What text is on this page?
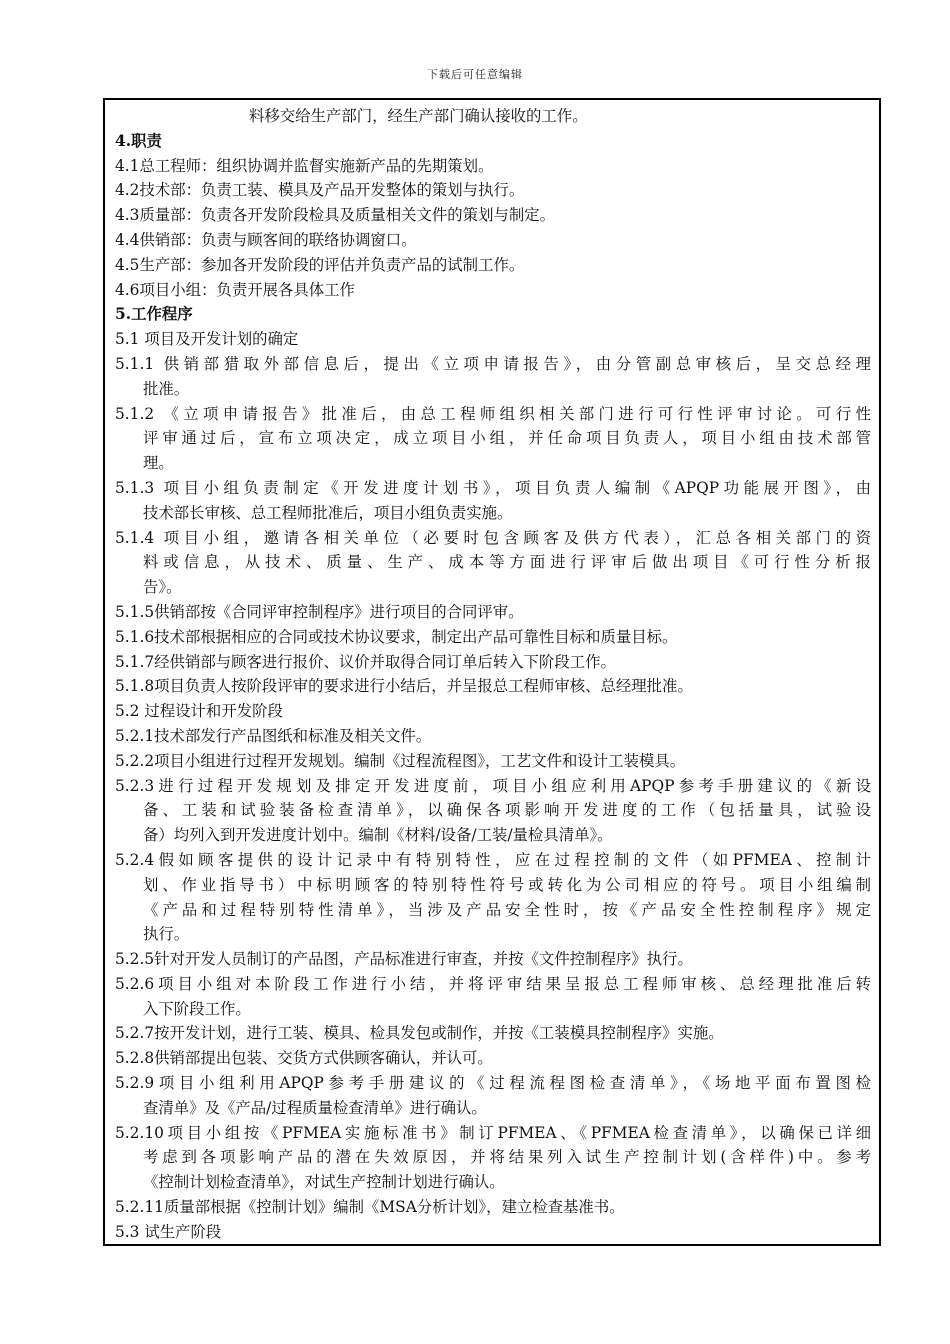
下载后可任意编辑
料移交给生产部门，经生产部门确认接收的工作。
4.职责
4.1总工程师：组织协调并监督实施新产品的先期策划。
4.2技术部：负责工装、模具及产品开发整体的策划与执行。
4.3质量部：负责各开发阶段检具及质量相关文件的策划与制定。
4.4供销部：负责与顾客间的联络协调窗口。
4.5生产部：参加各开发阶段的评估并负责产品的试制工作。
4.6项目小组：负责开展各具体工作
5.工作程序
5.1 项目及开发计划的确定
5.1.1 供销部猎取外部信息后，提出《立项申请报告》，由分管副总审核后，呈交总经理
批准。
5.1.2 《立项申请报告》批准后，由总工程师组织相关部门进行可行性评审讨论。可行性
评审通过后，宣布立项决定，成立项目小组，并任命项目负责人，项目小组由技术部管
理。
5.1.3 项目小组负责制定《开发进度计划书》，项目负责人编制《APQP功能展开图》，由
技术部长审核、总工程师批准后，项目小组负责实施。
5.1.4 项目小组，邀请各相关单位（必要时包含顾客及供方代表），汇总各相关部门的资
料或信息，从技术、质量、生产、成本等方面进行评审后做出项目《可行性分析报
告》。
5.1.5供销部按《合同评审控制程序》进行项目的合同评审。
5.1.6技术部根据相应的合同或技术协议要求，制定出产品可靠性目标和质量目标。
5.1.7经供销部与顾客进行报价、议价并取得合同订单后转入下阶段工作。
5.1.8项目负责人按阶段评审的要求进行小结后，并呈报总工程师审核、总经理批准。
5.2 过程设计和开发阶段
5.2.1技术部发行产品图纸和标准及相关文件。
5.2.2项目小组进行过程开发规划。编制《过程流程图》，工艺文件和设计工装模具。
5.2.3进行过程开发规划及排定开发进度前，项目小组应利用APQP参考手册建议的《新设
备、工装和试验装备检查清单》，以确保各项影响开发进度的工作（包括量具，试验设
备）均列入到开发进度计划中。编制《材料/设备/工装/量检具清单》。
5.2.4假如顾客提供的设计记录中有特别特性，应在过程控制的文件（如PFMEA、控制计
划、作业指导书）中标明顾客的特别特性符号或转化为公司相应的符号。项目小组编制
《产品和过程特别特性清单》，当涉及产品安全性时，按《产品安全性控制程序》规定
执行。
5.2.5针对开发人员制订的产品图，产品标准进行审查，并按《文件控制程序》执行。
5.2.6项目小组对本阶段工作进行小结，并将评审结果呈报总工程师审核、总经理批准后转
入下阶段工作。
5.2.7按开发计划，进行工装、模具、检具发包或制作，并按《工装模具控制程序》实施。
5.2.8供销部提出包装、交货方式供顾客确认，并认可。
5.2.9项目小组利用APQP参考手册建议的《过程流程图检查清单》，《场地平面布置图检
查清单》及《产品/过程质量检查清单》进行确认。
5.2.10项目小组按《PFMEA实施标准书》制订PFMEA、《PFMEA检查清单》，以确保已详细
考虑到各项影响产品的潜在失效原因，并将结果列入试生产控制计划(含样件)中。参考
《控制计划检查清单》，对试生产控制计划进行确认。
5.2.11质量部根据《控制计划》编制《MSA分析计划》，建立检查基准书。
5.3 试生产阶段
